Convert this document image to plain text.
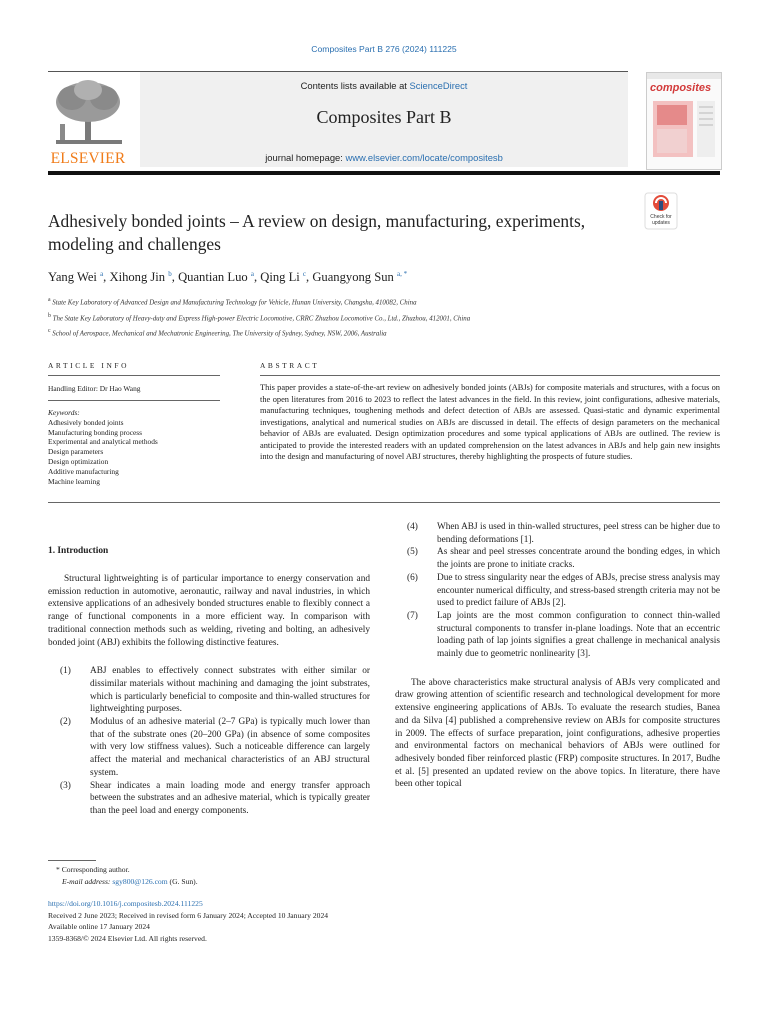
Composites Part B 276 (2024) 111225
ELSEVIER
Contents lists available at ScienceDirect
Composites Part B
journal homepage: www.elsevier.com/locate/compositesb
composites
Check for updates
Adhesively bonded joints – A review on design, manufacturing, experiments, modeling and challenges
Yang Wei $^a$, Xihong Jin $^b$, Quantian Luo $^a$, Qing Li $^c$, Guangyong Sun $^{a, *}$
$^a$ State Key Laboratory of Advanced Design and Manufacturing Technology for Vehicle, Hunan University, Changsha, 410082, China
$^b$ The State Key Laboratory of Heavy-duty and Express High-power Electric Locomotive, CRRC Zhuzhou Locomotive Co., Ltd., Zhuzhou, 412001, China
$^c$ School of Aerospace, Mechanical and Mechatronic Engineering, The University of Sydney, Sydney, NSW, 2006, Australia
ARTICLE INFO
Handling Editor: Dr Hao Wang
Keywords:
Adhesively bonded joints
Manufacturing bonding process
Experimental and analytical methods
Design parameters
Design optimization
Additive manufacturing
Machine learning
ABSTRACT
This paper provides a state-of-the-art review on adhesively bonded joints (ABJs) for composite materials and structures, with a focus on the open literatures from 2016 to 2023 to reflect the latest advances in the field. In this review, joint configurations, adhesive materials, manufacturing techniques, toughening methods and defect detection of ABJs are assessed. Quasi-static and dynamic experimental investigations, analytical and numerical studies on ABJs are discussed in detail. The effects of design parameters on the mechanical behavior of ABJs are evaluated. Design optimization procedures and some typical applications of ABJs are outlined. The review is anticipated to provide the interested readers with an updated comprehension on the latest advances in ABJs and help gain new insights into the design and manufacturing of novel ABJ structures, thereby highlighting the prospects of future studies.
1. Introduction

Structural lightweighting is of particular importance to energy conservation and emission reduction in automotive, aeronautic, railway and naval industries, in which extensive applications of an adhesively bonded structures enable to flexibly connect a range of functional components in a more efficient way. In comparison with traditional connection methods such as welding, riveting and bolting, an adhesively bonded joint (ABJ) exhibits the following distinctive features.

(1)	ABJ enables to effectively connect substrates with either similar or dissimilar materials without machining and damaging the joint substrates, which is particularly beneficial to composite and thin-walled structures for lightweighting purposes.
(2)	Modulus of an adhesive material (2–7 GPa) is typically much lower than that of the substrate ones (20–200 GPa) (in absence of some composites with very low stiffness values). Such a noticeable difference can largely affect the material and mechanical characteristics of an ABJ structural system.
(3)	Shear indicates a main loading mode and energy transfer approach between the substrates and an adhesive material, which is typically greater than the peel load and energy components.
(4)	When ABJ is used in thin-walled structures, peel stress can be higher due to bending deformations [1].
(5)	As shear and peel stresses concentrate around the bonding edges, in which the joints are prone to initiate cracks.
(6)	Due to stress singularity near the edges of ABJs, precise stress analysis may encounter numerical difficulty, and stress-based strength criteria may not be used to predict failure of ABJs [2].
(7)	Lap joints are the most common configuration to connect thin-walled structural components to transfer in-plane loadings. Note that an eccentric loading path of lap joints signifies a great challenge in mechanical analysis mainly due to geometric nonlinearity [3].

The above characteristics make structural analysis of ABJs very complicated and draw growing attention of scientific research and technological development for more extensive engineering applications of ABJs. To evaluate the research studies, Banea and da Silva [4] published a comprehensive review on ABJs for composite structures in 2009. The effects of surface preparation, joint configurations, adhesive properties and environmental factors on mechanical behaviors of ABJs were outlined for adhesively bonded fiber reinforced plastic (FRP) composite structures. In 2017, Budhe et al. [5] presented an updated review on the above topics. In literature, there have been other topical

* Corresponding author.
E-mail address: sgy800@126.com (G. Sun).
https://doi.org/10.1016/j.compositesb.2024.111225
Received 2 June 2023; Received in revised form 6 January 2024; Accepted 10 January 2024
Available online 17 January 2024
1359-8368/© 2024 Elsevier Ltd. All rights reserved.
